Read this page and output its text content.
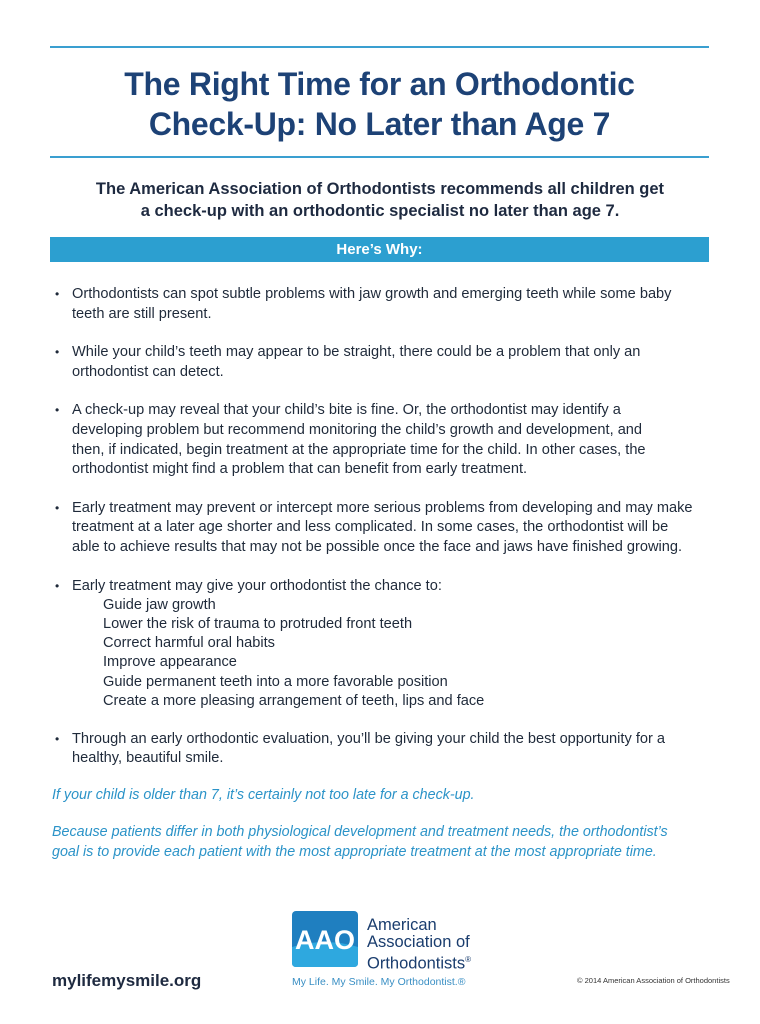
The Right Time for an Orthodontic
Check-Up: No Later than Age 7
The American Association of Orthodontists recommends all children get
a check-up with an orthodontic specialist no later than age 7.
Here’s Why:
• Orthodontists can spot subtle problems with jaw growth and emerging teeth while some baby
teeth are still present.
• While your child’s teeth may appear to be straight, there could be a problem that only an
orthodontist can detect.
• A check-up may reveal that your child’s bite is fine. Or, the orthodontist may identify a
developing problem but recommend monitoring the child’s growth and development, and
then, if indicated, begin treatment at the appropriate time for the child. In other cases, the
orthodontist might find a problem that can benefit from early treatment.
• Early treatment may prevent or intercept more serious problems from developing and may make
treatment at a later age shorter and less complicated. In some cases, the orthodontist will be
able to achieve results that may not be possible once the face and jaws have finished growing.
• Early treatment may give your orthodontist the chance to:
Guide jaw growth
Lower the risk of trauma to protruded front teeth
Correct harmful oral habits
Improve appearance
Guide permanent teeth into a more favorable position
Create a more pleasing arrangement of teeth, lips and face
• Through an early orthodontic evaluation, you’ll be giving your child the best opportunity for a
healthy, beautiful smile.
If your child is older than 7, it’s certainly not too late for a check-up.
Because patients differ in both physiological development and treatment needs, the orthodontist’s
goal is to provide each patient with the most appropriate treatment at the most appropriate time.
mylifemysmile.org
AAO American
Association of
Orthodontists®
My Life. My Smile. My Orthodontist.®	© 2014 American Association of Orthodontists
